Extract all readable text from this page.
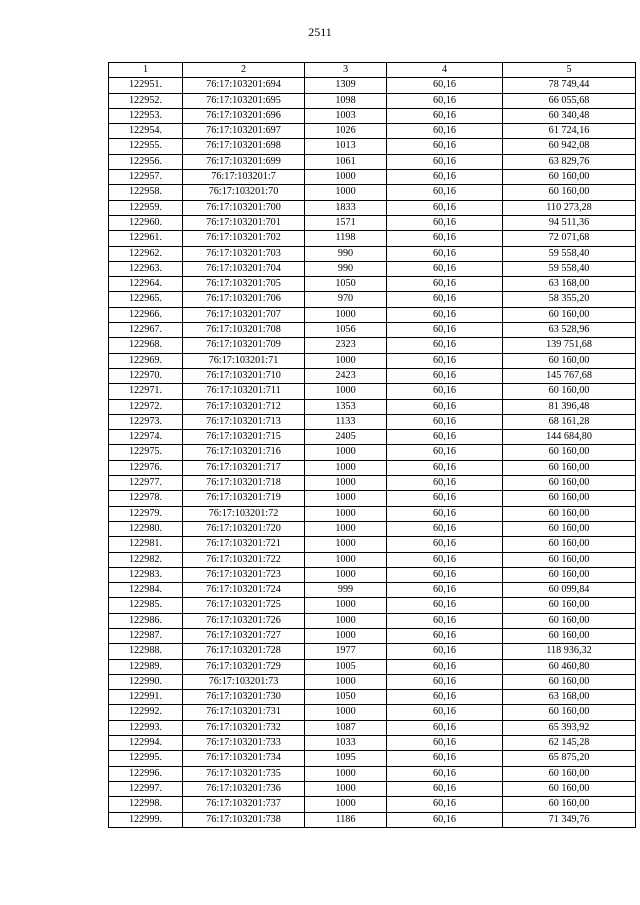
2511
1	2	3	4	5
122951.	76:17:103201:694	1309	60,16	78 749,44
122952.	76:17:103201:695	1098	60,16	66 055,68
122953.	76:17:103201:696	1003	60,16	60 340,48
122954.	76:17:103201:697	1026	60,16	61 724,16
122955.	76:17:103201:698	1013	60,16	60 942,08
122956.	76:17:103201:699	1061	60,16	63 829,76
122957.	76:17:103201:7	1000	60,16	60 160,00
122958.	76:17:103201:70	1000	60,16	60 160,00
122959.	76:17:103201:700	1833	60,16	110 273,28
122960.	76:17:103201:701	1571	60,16	94 511,36
122961.	76:17:103201:702	1198	60,16	72 071,68
122962.	76:17:103201:703	990	60,16	59 558,40
122963.	76:17:103201:704	990	60,16	59 558,40
122964.	76:17:103201:705	1050	60,16	63 168,00
122965.	76:17:103201:706	970	60,16	58 355,20
122966.	76:17:103201:707	1000	60,16	60 160,00
122967.	76:17:103201:708	1056	60,16	63 528,96
122968.	76:17:103201:709	2323	60,16	139 751,68
122969.	76:17:103201:71	1000	60,16	60 160,00
122970.	76:17:103201:710	2423	60,16	145 767,68
122971.	76:17:103201:711	1000	60,16	60 160,00
122972.	76:17:103201:712	1353	60,16	81 396,48
122973.	76:17:103201:713	1133	60,16	68 161,28
122974.	76:17:103201:715	2405	60,16	144 684,80
122975.	76:17:103201:716	1000	60,16	60 160,00
122976.	76:17:103201:717	1000	60,16	60 160,00
122977.	76:17:103201:718	1000	60,16	60 160,00
122978.	76:17:103201:719	1000	60,16	60 160,00
122979.	76:17:103201:72	1000	60,16	60 160,00
122980.	76:17:103201:720	1000	60,16	60 160,00
122981.	76:17:103201:721	1000	60,16	60 160,00
122982.	76:17:103201:722	1000	60,16	60 160,00
122983.	76:17:103201:723	1000	60,16	60 160,00
122984.	76:17:103201:724	999	60,16	60 099,84
122985.	76:17:103201:725	1000	60,16	60 160,00
122986.	76:17:103201:726	1000	60,16	60 160,00
122987.	76:17:103201:727	1000	60,16	60 160,00
122988.	76:17:103201:728	1977	60,16	118 936,32
122989.	76:17:103201:729	1005	60,16	60 460,80
122990.	76:17:103201:73	1000	60,16	60 160,00
122991.	76:17:103201:730	1050	60,16	63 168,00
122992.	76:17:103201:731	1000	60,16	60 160,00
122993.	76:17:103201:732	1087	60,16	65 393,92
122994.	76:17:103201:733	1033	60,16	62 145,28
122995.	76:17:103201:734	1095	60,16	65 875,20
122996.	76:17:103201:735	1000	60,16	60 160,00
122997.	76:17:103201:736	1000	60,16	60 160,00
122998.	76:17:103201:737	1000	60,16	60 160,00
122999.	76:17:103201:738	1186	60,16	71 349,76
